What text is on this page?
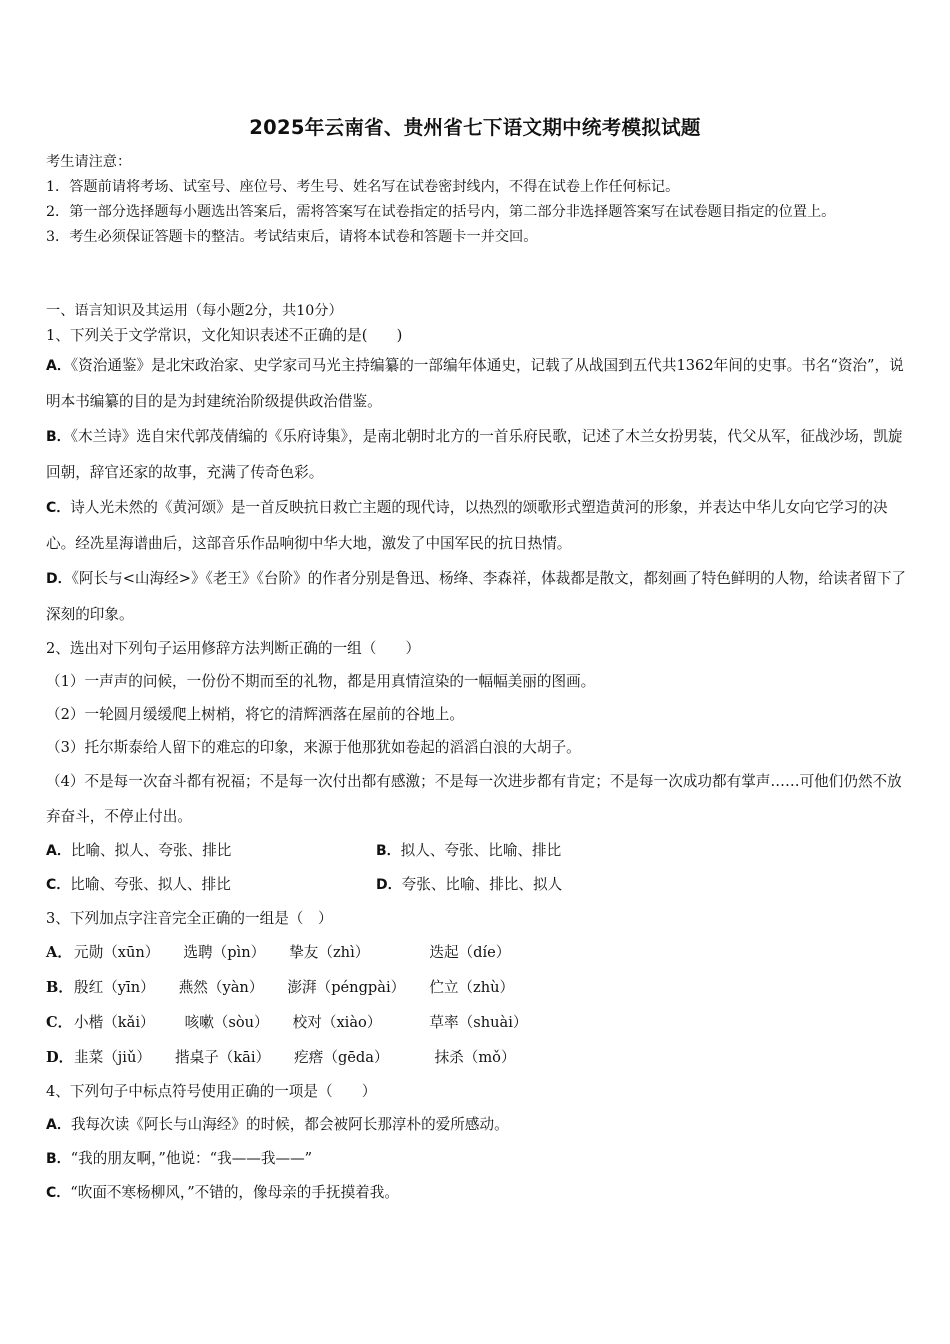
2025年云南省、贵州省七下语文期中统考模拟试题

考生请注意：

1．答题前请将考场、试室号、座位号、考生号、姓名写在试卷密封线内，不得在试卷上作任何标记。

2．第一部分选择题每小题选出答案后，需将答案写在试卷指定的括号内，第二部分非选择题答案写在试卷题目指定的位置上。

3．考生必须保证答题卡的整洁。考试结束后，请将本试卷和答题卡一并交回。

一、语言知识及其运用（每小题2分，共10分）

1、下列关于文学常识，文化知识表述不正确的是(　　)

A．《资治通鉴》是北宋政治家、史学家司马光主持编纂的一部编年体通史，记载了从战国到五代共1362年间的史事。书名“资治”，说明本书编纂的目的是为封建统治阶级提供政治借鉴。

B．《木兰诗》选自宋代郭茂倩编的《乐府诗集》，是南北朝时北方的一首乐府民歌，记述了木兰女扮男装，代父从军，征战沙场，凯旋回朝，辞官还家的故事，充满了传奇色彩。

C．诗人光未然的《黄河颂》是一首反映抗日救亡主题的现代诗，以热烈的颂歌形式塑造黄河的形象，并表达中华儿女向它学习的决心。经冼星海谱曲后，这部音乐作品响彻中华大地，激发了中国军民的抗日热情。

D．《阿长与<山海经>》《老王》《台阶》的作者分别是鲁迅、杨绛、李森祥，体裁都是散文，都刻画了特色鲜明的人物，给读者留下了深刻的印象。

2、选出对下列句子运用修辞方法判断正确的一组（　　）

（1）一声声的问候，一份份不期而至的礼物，都是用真情渲染的一幅幅美丽的图画。

（2）一轮圆月缓缓爬上树梢，将它的清辉洒落在屋前的谷地上。

（3）托尔斯泰给人留下的难忘的印象，来源于他那犹如卷起的滔滔白浪的大胡子。

（4）不是每一次奋斗都有祝福；不是每一次付出都有感激；不是每一次进步都有肯定；不是每一次成功都有掌声……可他们仍然不放弃奋斗，不停止付出。

A．比喻、拟人、夸张、排比	B．拟人、夸张、比喻、排比
C．比喻、夸张、拟人、排比	D．夸张、比喻、排比、拟人

3、下列加点字注音完全正确的一组是（　）

A． 元勋（xūn） 选聘（pìn） 挚友（zhì）	迭起（díe）
B． 殷红（yīn） 燕然（yàn） 澎湃（péngpài） 伫立（zhù）
C． 小楷（kǎi） 咳嗽（sòu） 校对（xiào）	草率（shuài）
D． 韭菜（jiǔ） 揩桌子（kāi） 疙瘩（gēda）	抹杀（mǒ）

4、下列句子中标点符号使用正确的一项是（　　）

A． 我每次读《阿长与山海经》的时候，都会被阿长那淳朴的爱所感动。

B． “我的朋友啊，”他说：“我——我——”

C． “吹面不寒杨柳风，”不错的，像母亲的手抚摸着我。
